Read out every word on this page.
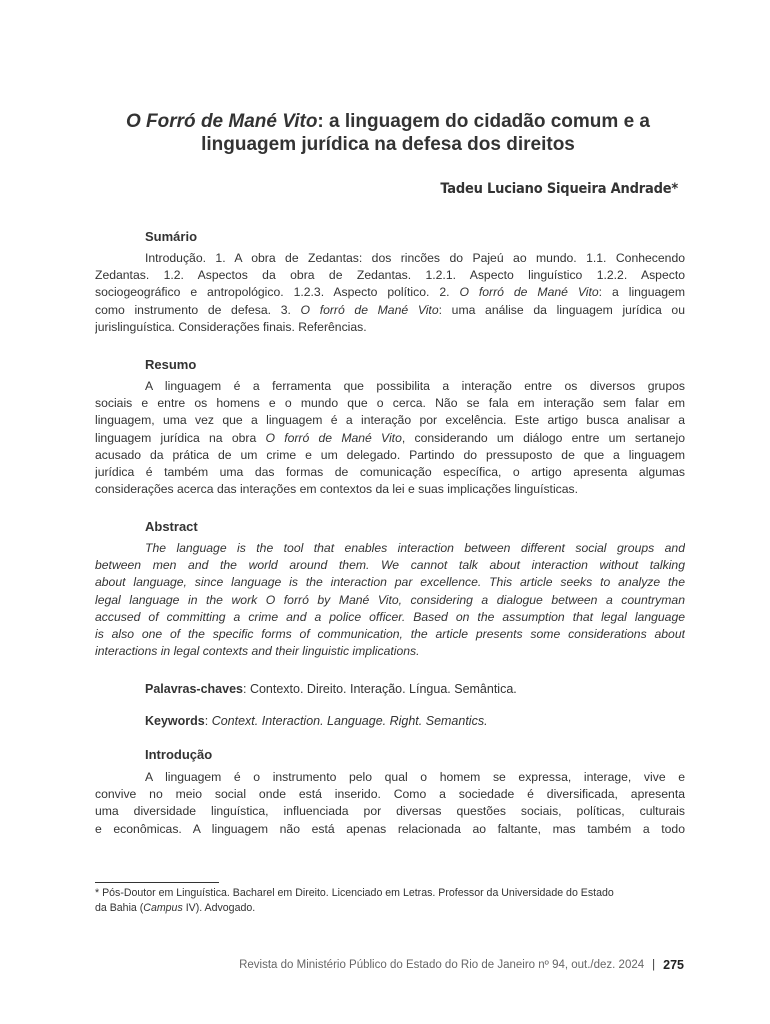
O Forró de Mané Vito: a linguagem do cidadão comum e a
linguagem jurídica na defesa dos direitos
Tadeu Luciano Siqueira Andrade*
Sumário
Introdução. 1. A obra de Zedantas: dos rincões do Pajeú ao mundo. 1.1. Conhecendo
Zedantas. 1.2. Aspectos da obra de Zedantas. 1.2.1. Aspecto linguístico 1.2.2. Aspecto
sociogeográfico e antropológico. 1.2.3. Aspecto político. 2. O forró de Mané Vito: a linguagem
como instrumento de defesa. 3. O forró de Mané Vito: uma análise da linguagem jurídica ou
jurislinguística. Considerações finais. Referências.
Resumo
A linguagem é a ferramenta que possibilita a interação entre os diversos grupos
sociais e entre os homens e o mundo que o cerca. Não se fala em interação sem falar em
linguagem, uma vez que a linguagem é a interação por excelência. Este artigo busca analisar a
linguagem jurídica na obra O forró de Mané Vito, considerando um diálogo entre um sertanejo
acusado da prática de um crime e um delegado. Partindo do pressuposto de que a linguagem
jurídica é também uma das formas de comunicação específica, o artigo apresenta algumas
considerações acerca das interações em contextos da lei e suas implicações linguísticas.
Abstract
The language is the tool that enables interaction between different social groups and
between men and the world around them. We cannot talk about interaction without talking
about language, since language is the interaction par excellence. This article seeks to analyze the
legal language in the work O forró by Mané Vito, considering a dialogue between a countryman
accused of committing a crime and a police officer. Based on the assumption that legal language
is also one of the specific forms of communication, the article presents some considerations about
interactions in legal contexts and their linguistic implications.
Palavras-chaves: Contexto. Direito. Interação. Língua. Semântica.
Keywords: Context. Interaction. Language. Right. Semantics.
Introdução
A linguagem é o instrumento pelo qual o homem se expressa, interage, vive e
convive no meio social onde está inserido. Como a sociedade é diversificada, apresenta
uma diversidade linguística, influenciada por diversas questões sociais, políticas, culturais
e econômicas. A linguagem não está apenas relacionada ao faltante, mas também a todo
* Pós-Doutor em Linguística. Bacharel em Direito. Licenciado em Letras. Professor da Universidade do Estado
da Bahia (Campus IV). Advogado.
Revista do Ministério Público do Estado do Rio de Janeiro nº 94, out./dez. 2024 | 275
